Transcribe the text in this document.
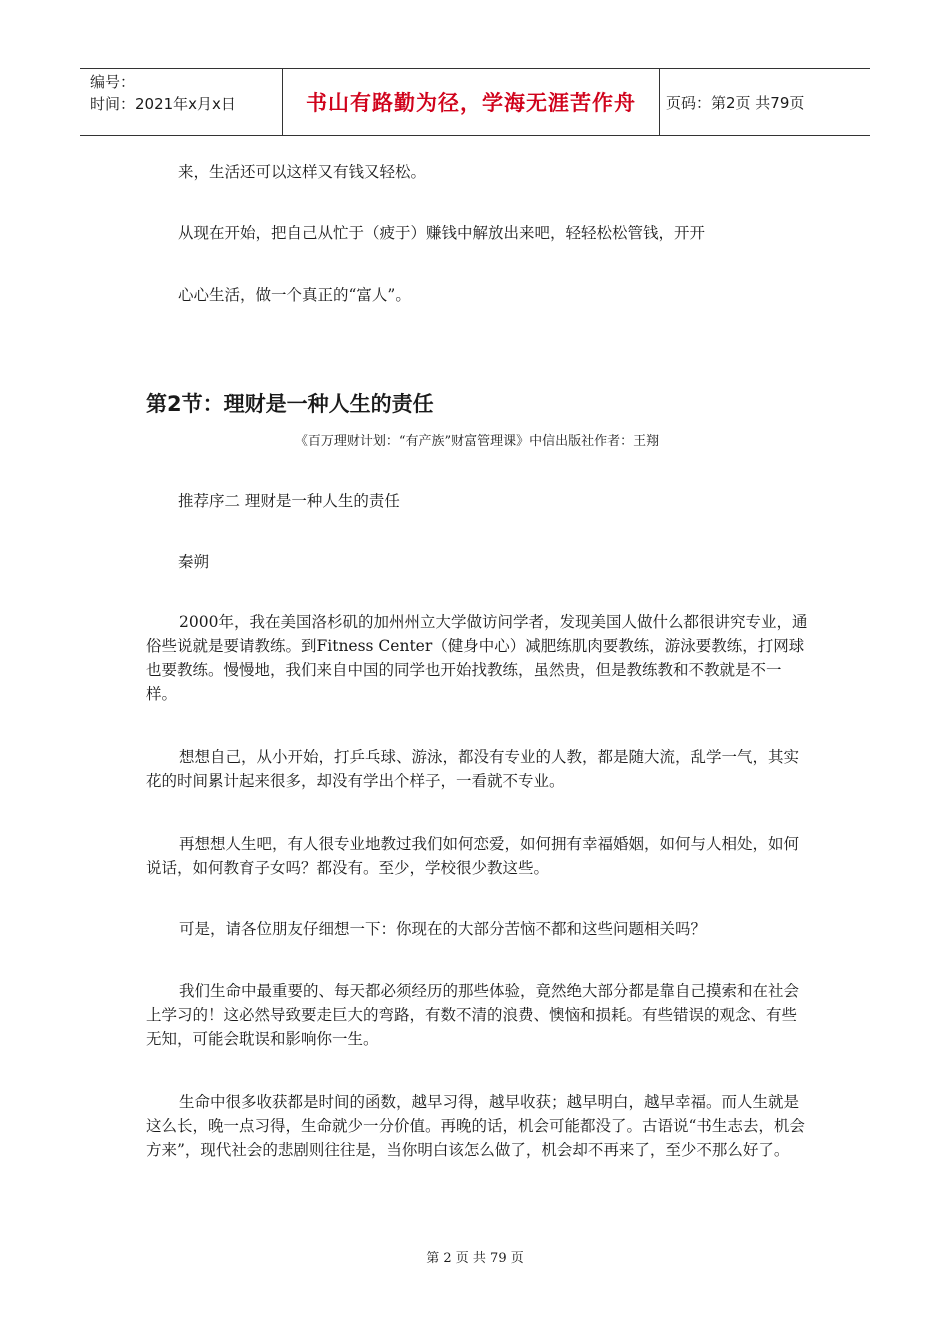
编号：
时间：2021年x月x日	书山有路勤为径，学海无涯苦作舟	页码：第2页 共79页

来，生活还可以这样又有钱又轻松。

从现在开始，把自己从忙于（疲于）赚钱中解放出来吧，轻轻松松管钱，开开

心心生活，做一个真正的“富人”。

第2节：理财是一种人生的责任

《百万理财计划：“有产族”财富管理课》中信出版社作者：王翔

推荐序二 理财是一种人生的责任

秦朔

2000年，我在美国洛杉矶的加州州立大学做访问学者，发现美国人做什么都很讲究专业，通俗些说就是要请教练。到Fitness Center（健身中心）减肥练肌肉要教练，游泳要教练，打网球也要教练。慢慢地，我们来自中国的同学也开始找教练，虽然贵，但是教练教和不教就是不一样。

想想自己，从小开始，打乒乓球、游泳，都没有专业的人教，都是随大流，乱学一气，其实花的时间累计起来很多，却没有学出个样子，一看就不专业。

再想想人生吧，有人很专业地教过我们如何恋爱，如何拥有幸福婚姻，如何与人相处，如何说话，如何教育子女吗？都没有。至少，学校很少教这些。

可是，请各位朋友仔细想一下：你现在的大部分苦恼不都和这些问题相关吗？

我们生命中最重要的、每天都必须经历的那些体验，竟然绝大部分都是靠自己摸索和在社会上学习的！这必然导致要走巨大的弯路，有数不清的浪费、懊恼和损耗。有些错误的观念、有些无知，可能会耽误和影响你一生。

生命中很多收获都是时间的函数，越早习得，越早收获；越早明白，越早幸福。而人生就是这么长，晚一点习得，生命就少一分价值。再晚的话，机会可能都没了。古语说“书生志去，机会方来”，现代社会的悲剧则往往是，当你明白该怎么做了，机会却不再来了，至少不那么好了。

第 2 页 共 79 页
